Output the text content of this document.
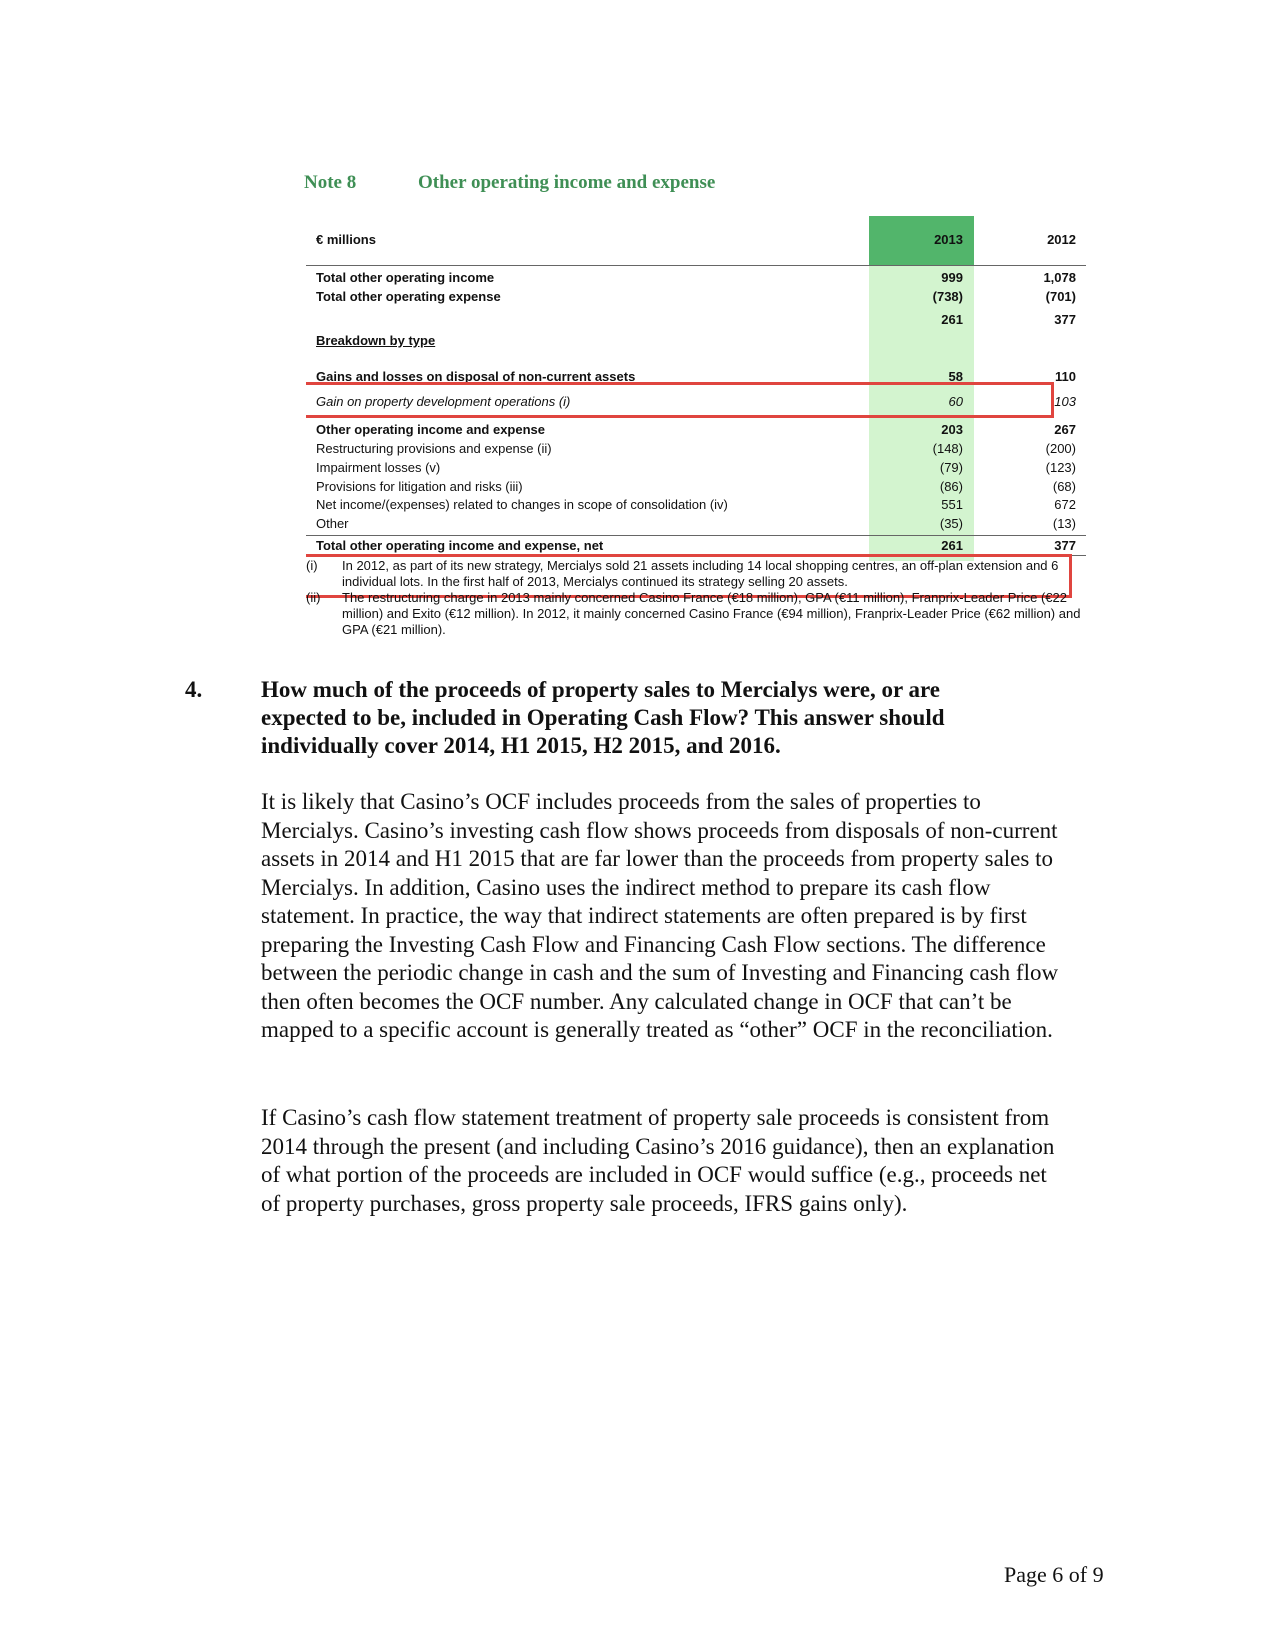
Note 8	Other operating income and expense
€ millions	2013	2012
Total other operating income	999	1,078
Total other operating expense	(738)	(701)
261	377
Breakdown by type
Gains and losses on disposal of non-current assets	58	110
Gain on property development operations (i)	60	103
Other operating income and expense	203	267
Restructuring provisions and expense (ii)	(148)	(200)
Impairment losses (v)	(79)	(123)
Provisions for litigation and risks (iii)	(86)	(68)
Net income/(expenses) related to changes in scope of consolidation (iv)	551	672
Other	(35)	(13)
Total other operating income and expense, net	261	377
(i) In 2012, as part of its new strategy, Mercialys sold 21 assets including 14 local shopping centres, an off-plan extension and 6 individual lots. In the first half of 2013, Mercialys continued its strategy selling 20 assets.
(ii) The restructuring charge in 2013 mainly concerned Casino France (€18 million), GPA (€11 million), Franprix-Leader Price (€22 million) and Exito (€12 million). In 2012, it mainly concerned Casino France (€94 million), Franprix-Leader Price (€62 million) and GPA (€21 million).
4.	How much of the proceeds of property sales to Mercialys were, or are expected to be, included in Operating Cash Flow? This answer should individually cover 2014, H1 2015, H2 2015, and 2016.
It is likely that Casino’s OCF includes proceeds from the sales of properties to Mercialys. Casino’s investing cash flow shows proceeds from disposals of non-current assets in 2014 and H1 2015 that are far lower than the proceeds from property sales to Mercialys. In addition, Casino uses the indirect method to prepare its cash flow statement. In practice, the way that indirect statements are often prepared is by first preparing the Investing Cash Flow and Financing Cash Flow sections. The difference between the periodic change in cash and the sum of Investing and Financing cash flow then often becomes the OCF number. Any calculated change in OCF that can’t be mapped to a specific account is generally treated as “other” OCF in the reconciliation.
If Casino’s cash flow statement treatment of property sale proceeds is consistent from 2014 through the present (and including Casino’s 2016 guidance), then an explanation of what portion of the proceeds are included in OCF would suffice (e.g., proceeds net of property purchases, gross property sale proceeds, IFRS gains only).
Page 6 of 9
